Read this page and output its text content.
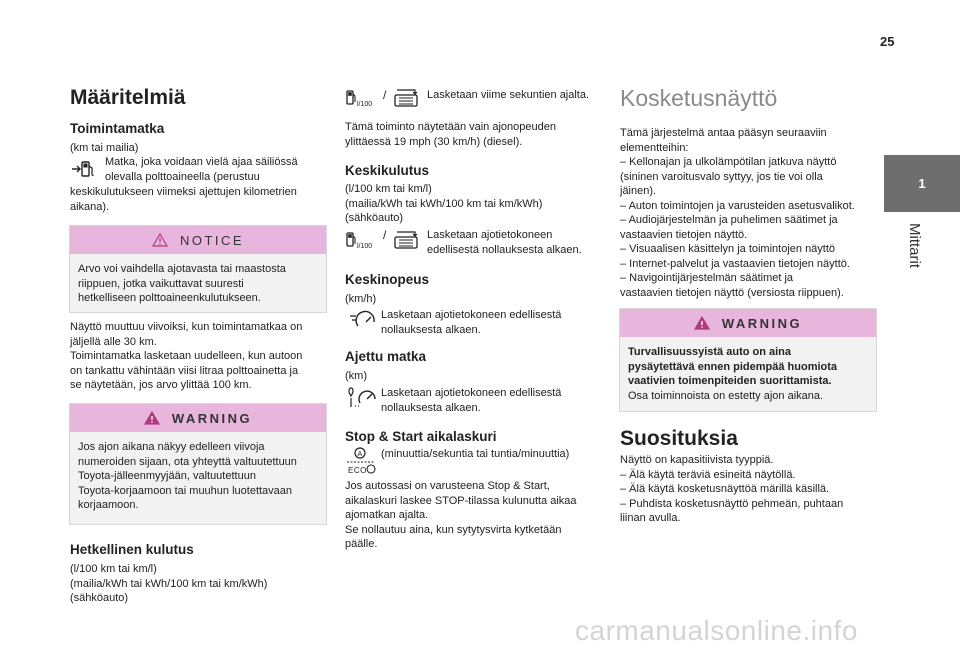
25
1
Mittarit
Määritelmiä
Toimintamatka

(km tai mailia)

Matka, joka voidaan vielä ajaa säiliössä

olevalla polttoaineella (perustuu

keskikulutukseen viimeksi ajettujen kilometrien

aikana).

NOTICE

Arvo voi vaihdella ajotavasta tai maastosta

riippuen, jotka vaikuttavat suuresti

hetkelliseen polttoaineenkulutukseen.

Näyttö muuttuu viivoiksi, kun toimintamatkaa on

jäljellä alle 30 km.

Toimintamatka lasketaan uudelleen, kun autoon

on tankattu vähintään viisi litraa polttoainetta ja

se näytetään, jos arvo ylittää 100 km.

WARNING

Jos ajon aikana näkyy edelleen viivoja

numeroiden sijaan, ota yhteyttä valtuutettuun

Toyota-jälleenmyyjään, valtuutettuun

Toyota-korjaamoon tai muuhun luotettavaan

korjaamoon.

Hetkellinen kulutus

(l/100 km tai km/l)

(mailia/kWh tai kWh/100 km tai km/kWh)

(sähköauto)

l/100
/	Lasketaan viime sekuntien ajalta.

Tämä toiminto näytetään vain ajonopeuden

ylittäessä 19 mph (30 km/h) (diesel).

Keskikulutus

(l/100 km tai km/l)

(mailia/kWh tai kWh/100 km tai km/kWh)

(sähköauto)

l/100
/	Lasketaan ajotietokoneen

edellisestä nollauksesta alkaen.

Keskinopeus

(km/h)

Lasketaan ajotietokoneen edellisestä

nollauksesta alkaen.

Ajettu matka

(km)

Lasketaan ajotietokoneen edellisestä

nollauksesta alkaen.

Stop & Start aikalaskuri
A
ECO

(minuuttia/sekuntia tai tuntia/minuuttia)

Jos autossasi on varusteena Stop & Start,

aikalaskuri laskee STOP-tilassa kulunutta aikaa

ajomatkan ajalta.

Se nollautuu aina, kun sytytysvirta kytketään

päälle.

Kosketusnäyttö

Tämä järjestelmä antaa pääsyn seuraaviin

elementteihin:

– Kellonajan ja ulkolämpötilan jatkuva näyttö

(sininen varoitusvalo syttyy, jos tie voi olla

jäinen).

– Auton toimintojen ja varusteiden asetusvalikot.

– Audiojärjestelmän ja puhelimen säätimet ja

vastaavien tietojen näyttö.

– Visuaalisen käsittelyn ja toimintojen näyttö

– Internet-palvelut ja vastaavien tietojen näyttö.

– Navigointijärjestelmän säätimet ja

vastaavien tietojen näyttö (versiosta riippuen).

WARNING

Turvallisuussyistä auto on aina

pysäytettävä ennen pidempää huomiota

vaativien toimenpiteiden suorittamista.

Osa toiminnoista on estetty ajon aikana.

Suosituksia

Näyttö on kapasitiivista tyyppiä.

– Älä käytä teräviä esineitä näytöllä.

– Älä käytä kosketusnäyttöä märillä käsillä.

– Puhdista kosketusnäyttö pehmeän, puhtaan

liinan avulla.

carmanualsonline.info
